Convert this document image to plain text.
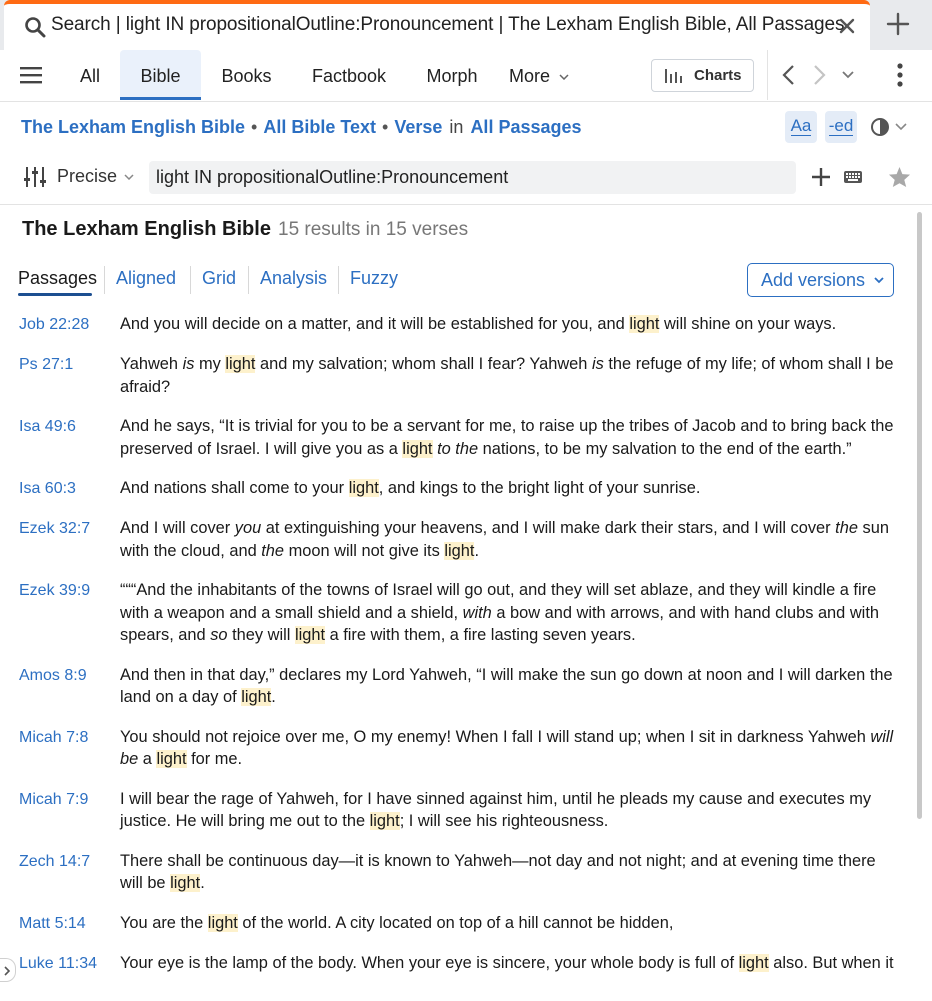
Search | light IN propositionalOutline:Pronouncement | The Lexham English Bible, All Passages
All	Bible	Books	Factbook	Morph	More	Charts
The Lexham English Bible • All Bible Text • Verse in All Passages	Aa	-ed
Precise
light IN propositionalOutline:Pronouncement
The Lexham English Bible 15 results in 15 verses
Passages Aligned Grid Analysis Fuzzy	Add versions
Job 22:28	And you will decide on a matter, and it will be established for you, and light will shine on your ways.
Ps 27:1	Yahweh is my light and my salvation; whom shall I fear? Yahweh is the refuge of my life; of whom shall I be afraid?
Isa 49:6	And he says, “It is trivial for you to be a servant for me, to raise up the tribes of Jacob and to bring back the preserved of Israel. I will give you as a light to the nations, to be my salvation to the end of the earth.”
Isa 60:3	And nations shall come to your light, and kings to the bright light of your sunrise.
Ezek 32:7	And I will cover you at extinguishing your heavens, and I will make dark their stars, and I will cover the sun with the cloud, and the moon will not give its light.
Ezek 39:9	“““And the inhabitants of the towns of Israel will go out, and they will set ablaze, and they will kindle a fire with a weapon and a small shield and a shield, with a bow and with arrows, and with hand clubs and with spears, and so they will light a fire with them, a fire lasting seven years.
Amos 8:9	And then in that day,” declares my Lord Yahweh, “I will make the sun go down at noon and I will darken the land on a day of light.
Micah 7:8	You should not rejoice over me, O my enemy! When I fall I will stand up; when I sit in darkness Yahweh will be a light for me.
Micah 7:9	I will bear the rage of Yahweh, for I have sinned against him, until he pleads my cause and executes my justice. He will bring me out to the light; I will see his righteousness.
Zech 14:7	There shall be continuous day—it is known to Yahweh—not day and not night; and at evening time there will be light.
Matt 5:14	You are the light of the world. A city located on top of a hill cannot be hidden,
Luke 11:34	Your eye is the lamp of the body. When your eye is sincere, your whole body is full of light also. But when it
